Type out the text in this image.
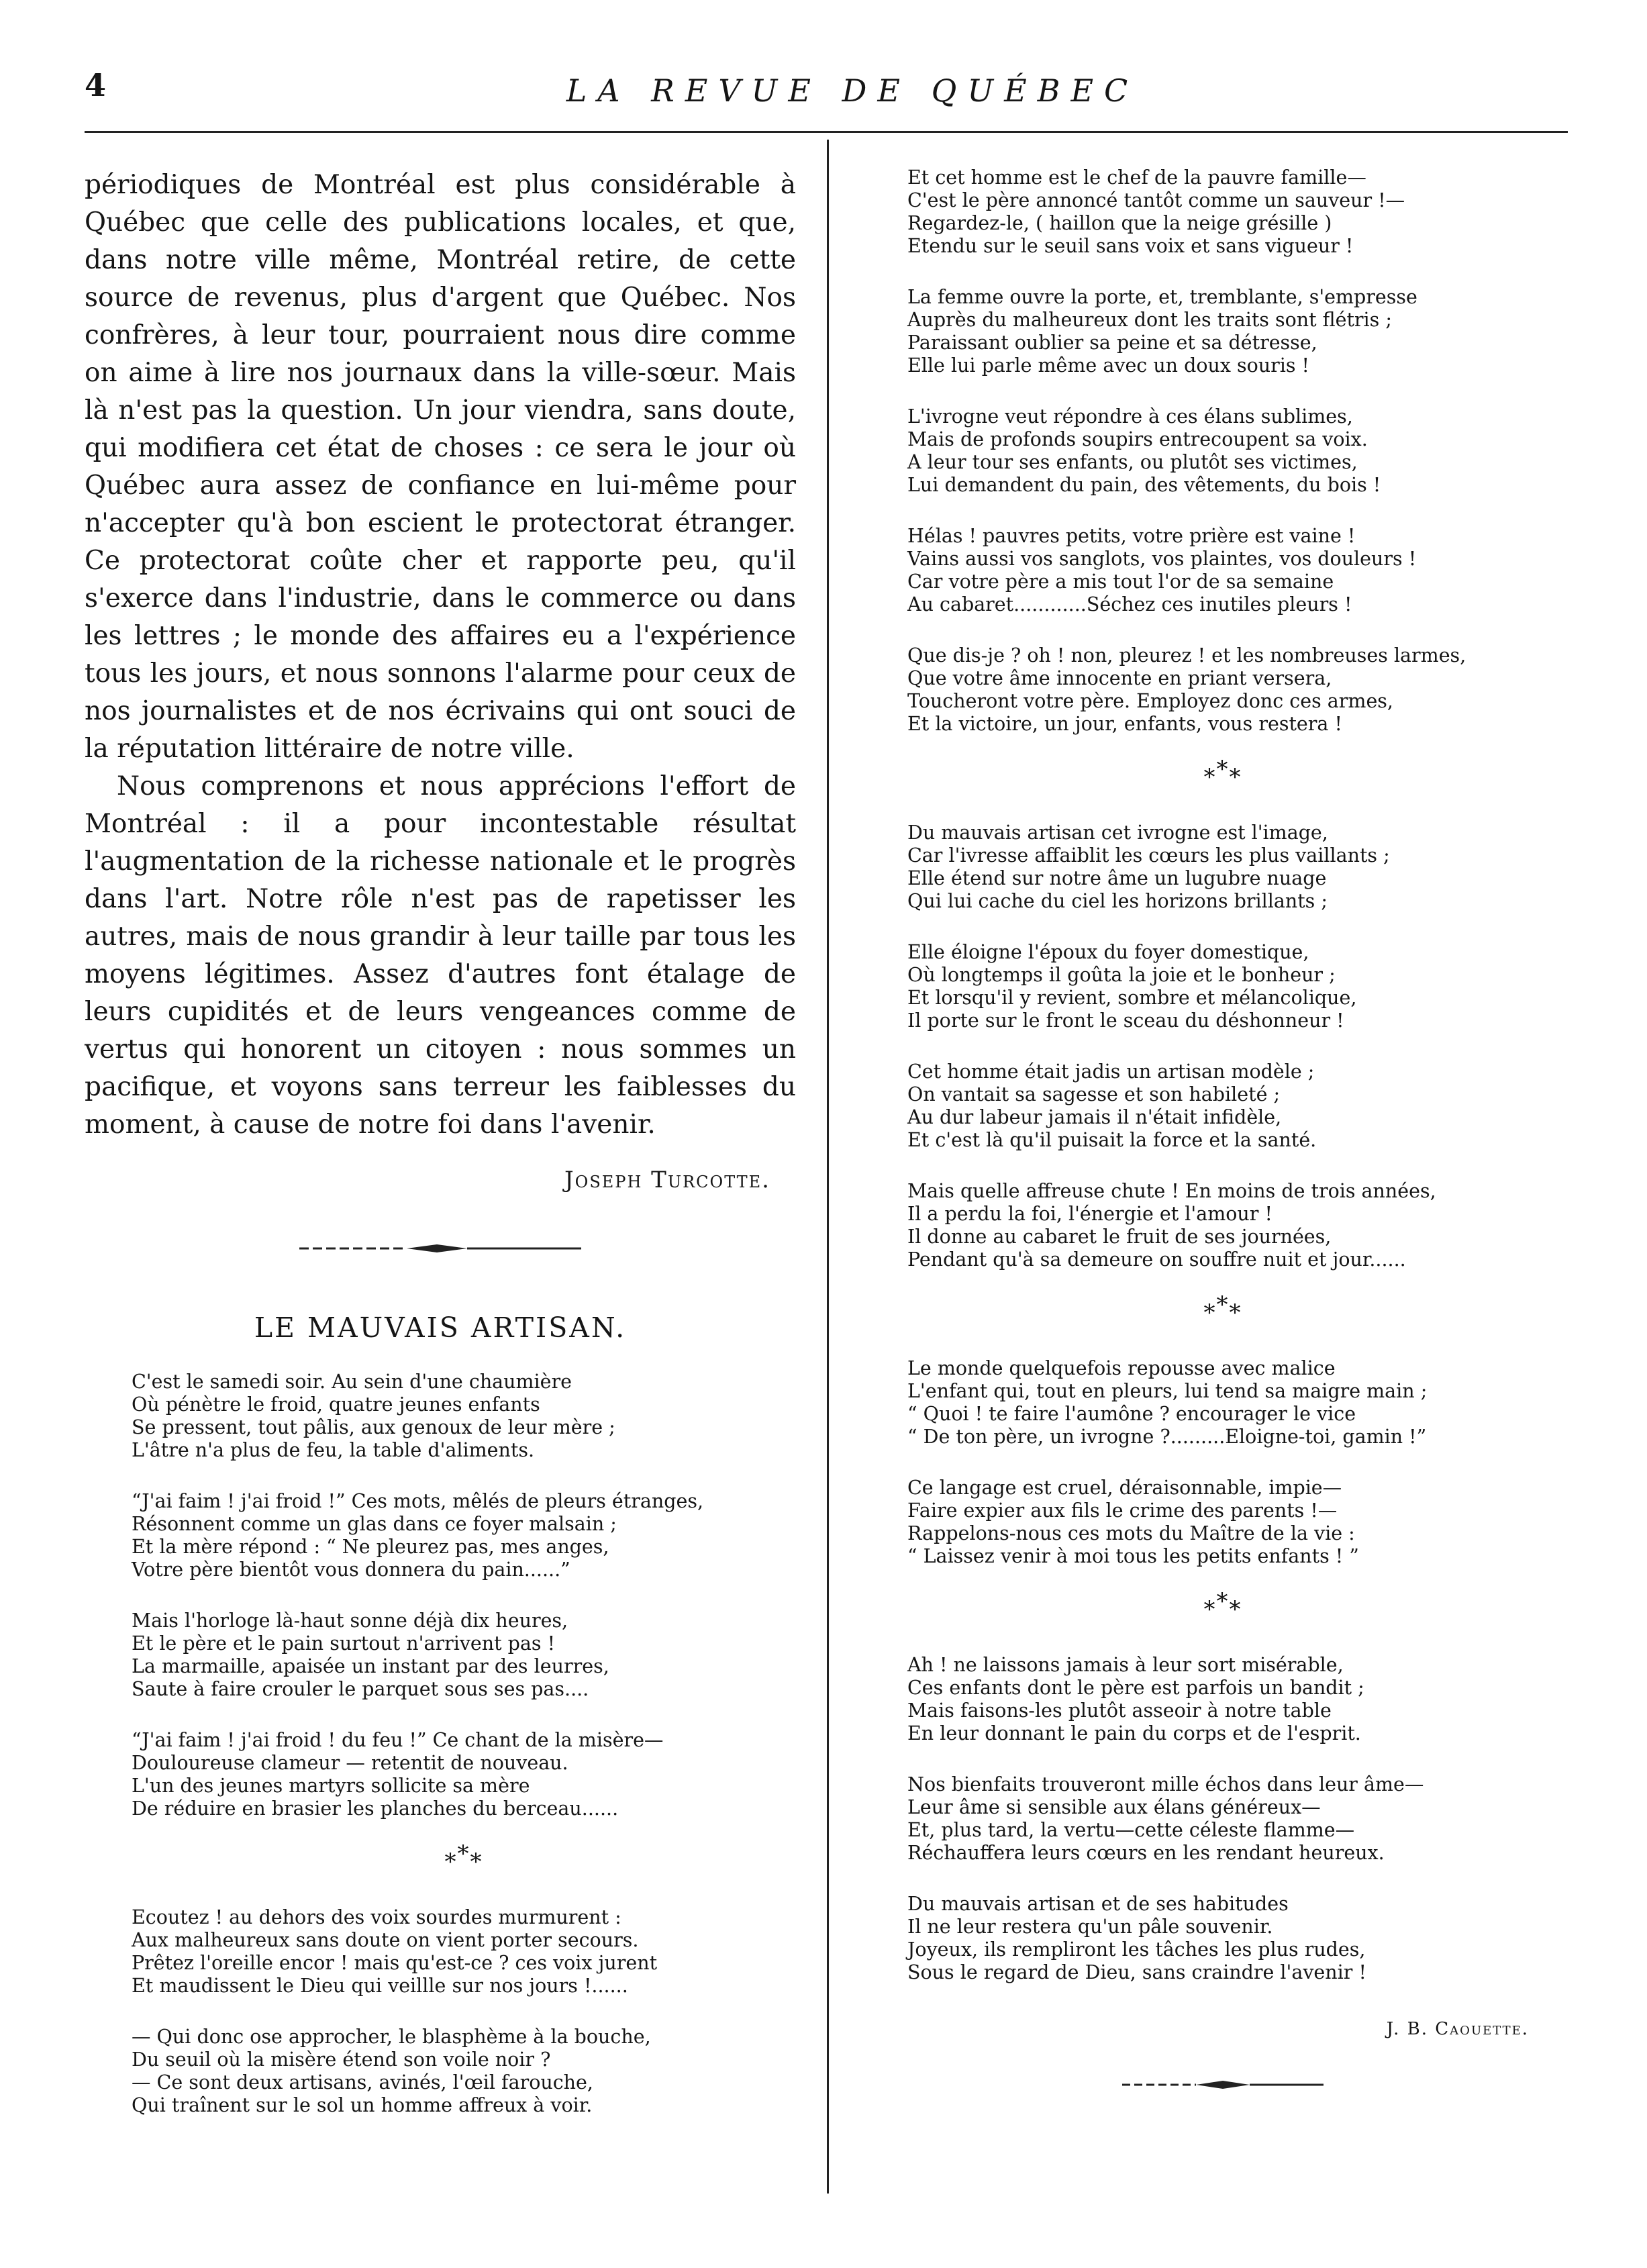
4	LA REVUE DE QUÉBEC

périodiques de Montréal est plus considérable à Québec que celle des publications locales, et que, dans notre ville même, Montréal retire, de cette source de revenus, plus d'argent que Québec. Nos confrères, à leur tour, pourraient nous dire comme on aime à lire nos journaux dans la ville-sœur. Mais là n'est pas la question. Un jour viendra, sans doute, qui modifiera cet état de choses : ce sera le jour où Québec aura assez de confiance en lui-même pour n'accepter qu'à bon escient le protectorat étranger. Ce protectorat coûte cher et rapporte peu, qu'il s'exerce dans l'industrie, dans le commerce ou dans les lettres ; le monde des affaires eu a l'expérience tous les jours, et nous sonnons l'alarme pour ceux de nos journalistes et de nos écrivains qui ont souci de la réputation littéraire de notre ville.

Nous comprenons et nous apprécions l'effort de Montréal : il a pour incontestable résultat l'augmentation de la richesse nationale et le progrès dans l'art. Notre rôle n'est pas de rapetisser les autres, mais de nous grandir à leur taille par tous les moyens légitimes. Assez d'autres font étalage de leurs cupidités et de leurs vengeances comme de vertus qui honorent un citoyen : nous sommes un pacifique, et voyons sans terreur les faiblesses du moment, à cause de notre foi dans l'avenir.

Joseph Turcotte.
LE MAUVAIS ARTISAN.
C'est le samedi soir. Au sein d'une chaumière
Où pénètre le froid, quatre jeunes enfants
Se pressent, tout pâlis, aux genoux de leur mère ;
L'âtre n'a plus de feu, la table d'aliments.
“J'ai faim ! j'ai froid !” Ces mots, mêlés de pleurs étranges,
Résonnent comme un glas dans ce foyer malsain ;
Et la mère répond : “ Ne pleurez pas, mes anges,
Votre père bientôt vous donnera du pain......”
Mais l'horloge là-haut sonne déjà dix heures,
Et le père et le pain surtout n'arrivent pas !
La marmaille, apaisée un instant par des leurres,
Saute à faire crouler le parquet sous ses pas....
“J'ai faim ! j'ai froid ! du feu !” Ce chant de la misère—
Douloureuse clameur — retentit de nouveau.
L'un des jeunes martyrs sollicite sa mère
De réduire en brasier les planches du berceau......
***
Ecoutez ! au dehors des voix sourdes murmurent :
Aux malheureux sans doute on vient porter secours.
Prêtez l'oreille encor ! mais qu'est-ce ? ces voix jurent
Et maudissent le Dieu qui veillle sur nos jours !......
— Qui donc ose approcher, le blasphème à la bouche,
Du seuil où la misère étend son voile noir ?
— Ce sont deux artisans, avinés, l'œil farouche,
Qui traînent sur le sol un homme affreux à voir.
Et cet homme est le chef de la pauvre famille—
C'est le père annoncé tantôt comme un sauveur !—
Regardez-le, ( haillon que la neige grésille )
Etendu sur le seuil sans voix et sans vigueur !
La femme ouvre la porte, et, tremblante, s'empresse
Auprès du malheureux dont les traits sont flétris ;
Paraissant oublier sa peine et sa détresse,
Elle lui parle même avec un doux souris !
L'ivrogne veut répondre à ces élans sublimes,
Mais de profonds soupirs entrecoupent sa voix.
A leur tour ses enfants, ou plutôt ses victimes,
Lui demandent du pain, des vêtements, du bois !
Hélas ! pauvres petits, votre prière est vaine !
Vains aussi vos sanglots, vos plaintes, vos douleurs !
Car votre père a mis tout l'or de sa semaine
Au cabaret............Séchez ces inutiles pleurs !
Que dis-je ? oh ! non, pleurez ! et les nombreuses larmes,
Que votre âme innocente en priant versera,
Toucheront votre père. Employez donc ces armes,
Et la victoire, un jour, enfants, vous restera !
***
Du mauvais artisan cet ivrogne est l'image,
Car l'ivresse affaiblit les cœurs les plus vaillants ;
Elle étend sur notre âme un lugubre nuage
Qui lui cache du ciel les horizons brillants ;
Elle éloigne l'époux du foyer domestique,
Où longtemps il goûta la joie et le bonheur ;
Et lorsqu'il y revient, sombre et mélancolique,
Il porte sur le front le sceau du déshonneur !
Cet homme était jadis un artisan modèle ;
On vantait sa sagesse et son habileté ;
Au dur labeur jamais il n'était infidèle,
Et c'est là qu'il puisait la force et la santé.
Mais quelle affreuse chute ! En moins de trois années,
Il a perdu la foi, l'énergie et l'amour !
Il donne au cabaret le fruit de ses journées,
Pendant qu'à sa demeure on souffre nuit et jour......
***
Le monde quelquefois repousse avec malice
L'enfant qui, tout en pleurs, lui tend sa maigre main ;
“ Quoi ! te faire l'aumône ? encourager le vice
“ De ton père, un ivrogne ?.........Eloigne-toi, gamin !”
Ce langage est cruel, déraisonnable, impie—
Faire expier aux fils le crime des parents !—
Rappelons-nous ces mots du Maître de la vie :
“ Laissez venir à moi tous les petits enfants ! ”
***
Ah ! ne laissons jamais à leur sort misérable,
Ces enfants dont le père est parfois un bandit ;
Mais faisons-les plutôt asseoir à notre table
En leur donnant le pain du corps et de l'esprit.
Nos bienfaits trouveront mille échos dans leur âme—
Leur âme si sensible aux élans généreux—
Et, plus tard, la vertu—cette céleste flamme—
Réchauffera leurs cœurs en les rendant heureux.
Du mauvais artisan et de ses habitudes
Il ne leur restera qu'un pâle souvenir.
Joyeux, ils rempliront les tâches les plus rudes,
Sous le regard de Dieu, sans craindre l'avenir !
J. B. Caouette.
